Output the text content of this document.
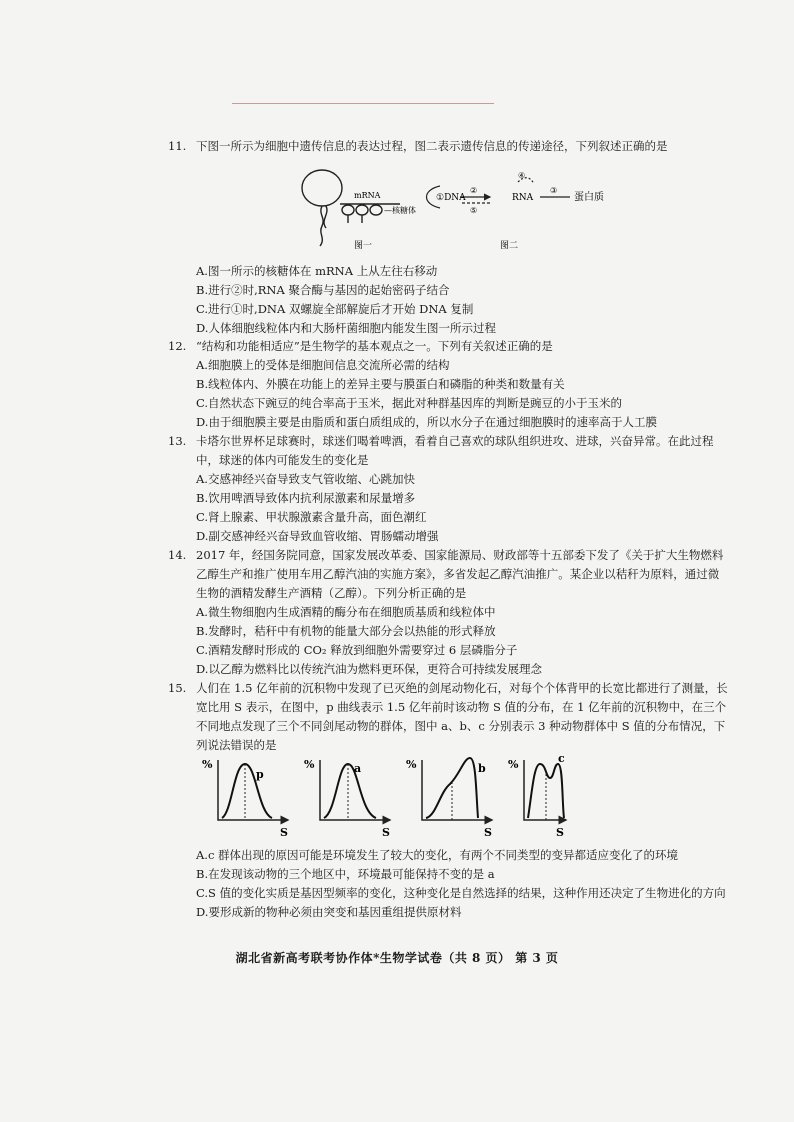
11. 下图一所示为细胞中遗传信息的表达过程，图二表示遗传信息的传递途径，下列叙述正确的是
mRNA
—核糖体
图一
①DNA
②
⑤
④
RNA
③
蛋白质
图二
A.图一所示的核糖体在 mRNA 上从左往右移动
B.进行②时,RNA 聚合酶与基因的起始密码子结合
C.进行①时,DNA 双螺旋全部解旋后才开始 DNA 复制
D.人体细胞线粒体内和大肠杆菌细胞内能发生图一所示过程
12. “结构和功能相适应”是生物学的基本观点之一。下列有关叙述正确的是
A.细胞膜上的受体是细胞间信息交流所必需的结构
B.线粒体内、外膜在功能上的差异主要与膜蛋白和磷脂的种类和数量有关
C.自然状态下豌豆的纯合率高于玉米，据此对种群基因库的判断是豌豆的小于玉米的
D.由于细胞膜主要是由脂质和蛋白质组成的，所以水分子在通过细胞膜时的速率高于人工膜
13. 卡塔尔世界杯足球赛时，球迷们喝着啤酒，看着自己喜欢的球队组织进攻、进球，兴奋异常。在此过程中，球迷的体内可能发生的变化是
A.交感神经兴奋导致支气管收缩、心跳加快
B.饮用啤酒导致体内抗利尿激素和尿量增多
C.肾上腺素、甲状腺激素含量升高，面色潮红
D.副交感神经兴奋导致血管收缩、胃肠蠕动增强
14. 2017 年，经国务院同意，国家发展改革委、国家能源局、财政部等十五部委下发了《关于扩大生物燃料乙醇生产和推广使用车用乙醇汽油的实施方案》，多省发起乙醇汽油推广。某企业以秸秆为原料，通过微生物的酒精发酵生产酒精（乙醇）。下列分析正确的是
A.微生物细胞内生成酒精的酶分布在细胞质基质和线粒体中
B.发酵时，秸秆中有机物的能量大部分会以热能的形式释放
C.酒精发酵时形成的 CO₂ 释放到细胞外需要穿过 6 层磷脂分子
D.以乙醇为燃料比以传统汽油为燃料更环保，更符合可持续发展理念
15. 人们在 1.5 亿年前的沉积物中发现了已灭绝的剑尾动物化石，对每个个体背甲的长宽比都进行了测量，长宽比用 S 表示，在图中，p 曲线表示 1.5 亿年前时该动物 S 值的分布，在 1 亿年前的沉积物中，在三个不同地点发现了三个不同剑尾动物的群体，图中 a、b、c 分别表示 3 种动物群体中 S 值的分布情况，下列说法错误的是
%
p
S
%	a
S
%	b
S
%	c
S
A.c 群体出现的原因可能是环境发生了较大的变化，有两个不同类型的变异都适应变化了的环境
B.在发现该动物的三个地区中，环境最可能保持不变的是 a
C.S 值的变化实质是基因型频率的变化，这种变化是自然选择的结果，这种作用还决定了生物进化的方向
D.要形成新的物种必须由突变和基因重组提供原材料
湖北省新高考联考协作体*生物学试卷（共 8 页） 第 3 页
